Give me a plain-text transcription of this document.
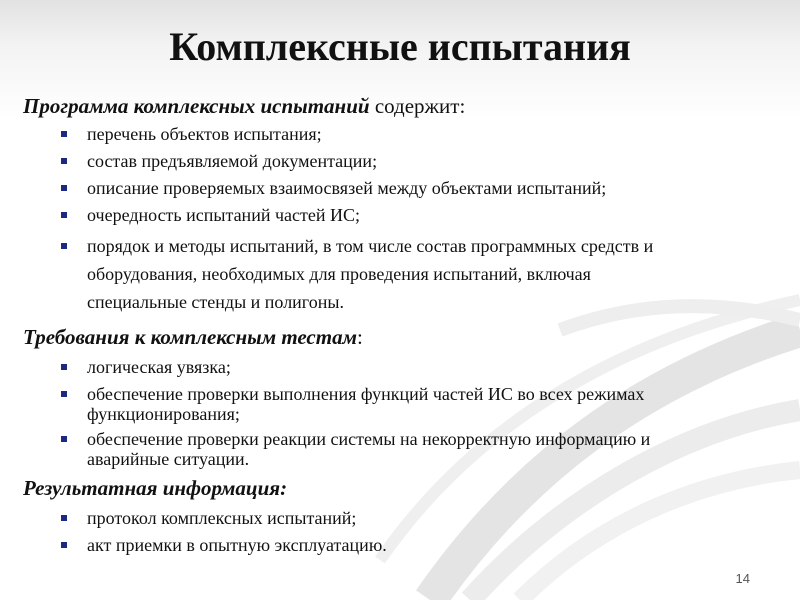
Комплексные испытания

Программа комплексных испытаний содержит:

перечень объектов испытания;
состав предъявляемой документации;
описание проверяемых взаимосвязей между объектами испытаний;
очередность испытаний частей ИС;
порядок и методы испытаний, в том числе состав программных средств и оборудования, необходимых для проведения испытаний, включая специальные стенды и полигоны.

Требования к комплексным тестам:

логическая увязка;
обеспечение проверки выполнения функций частей ИС во всех режимах функционирования;
обеспечение проверки реакции системы на некорректную информацию и аварийные ситуации.

Результатная информация:

протокол комплексных испытаний;
акт приемки в опытную эксплуатацию.
14
